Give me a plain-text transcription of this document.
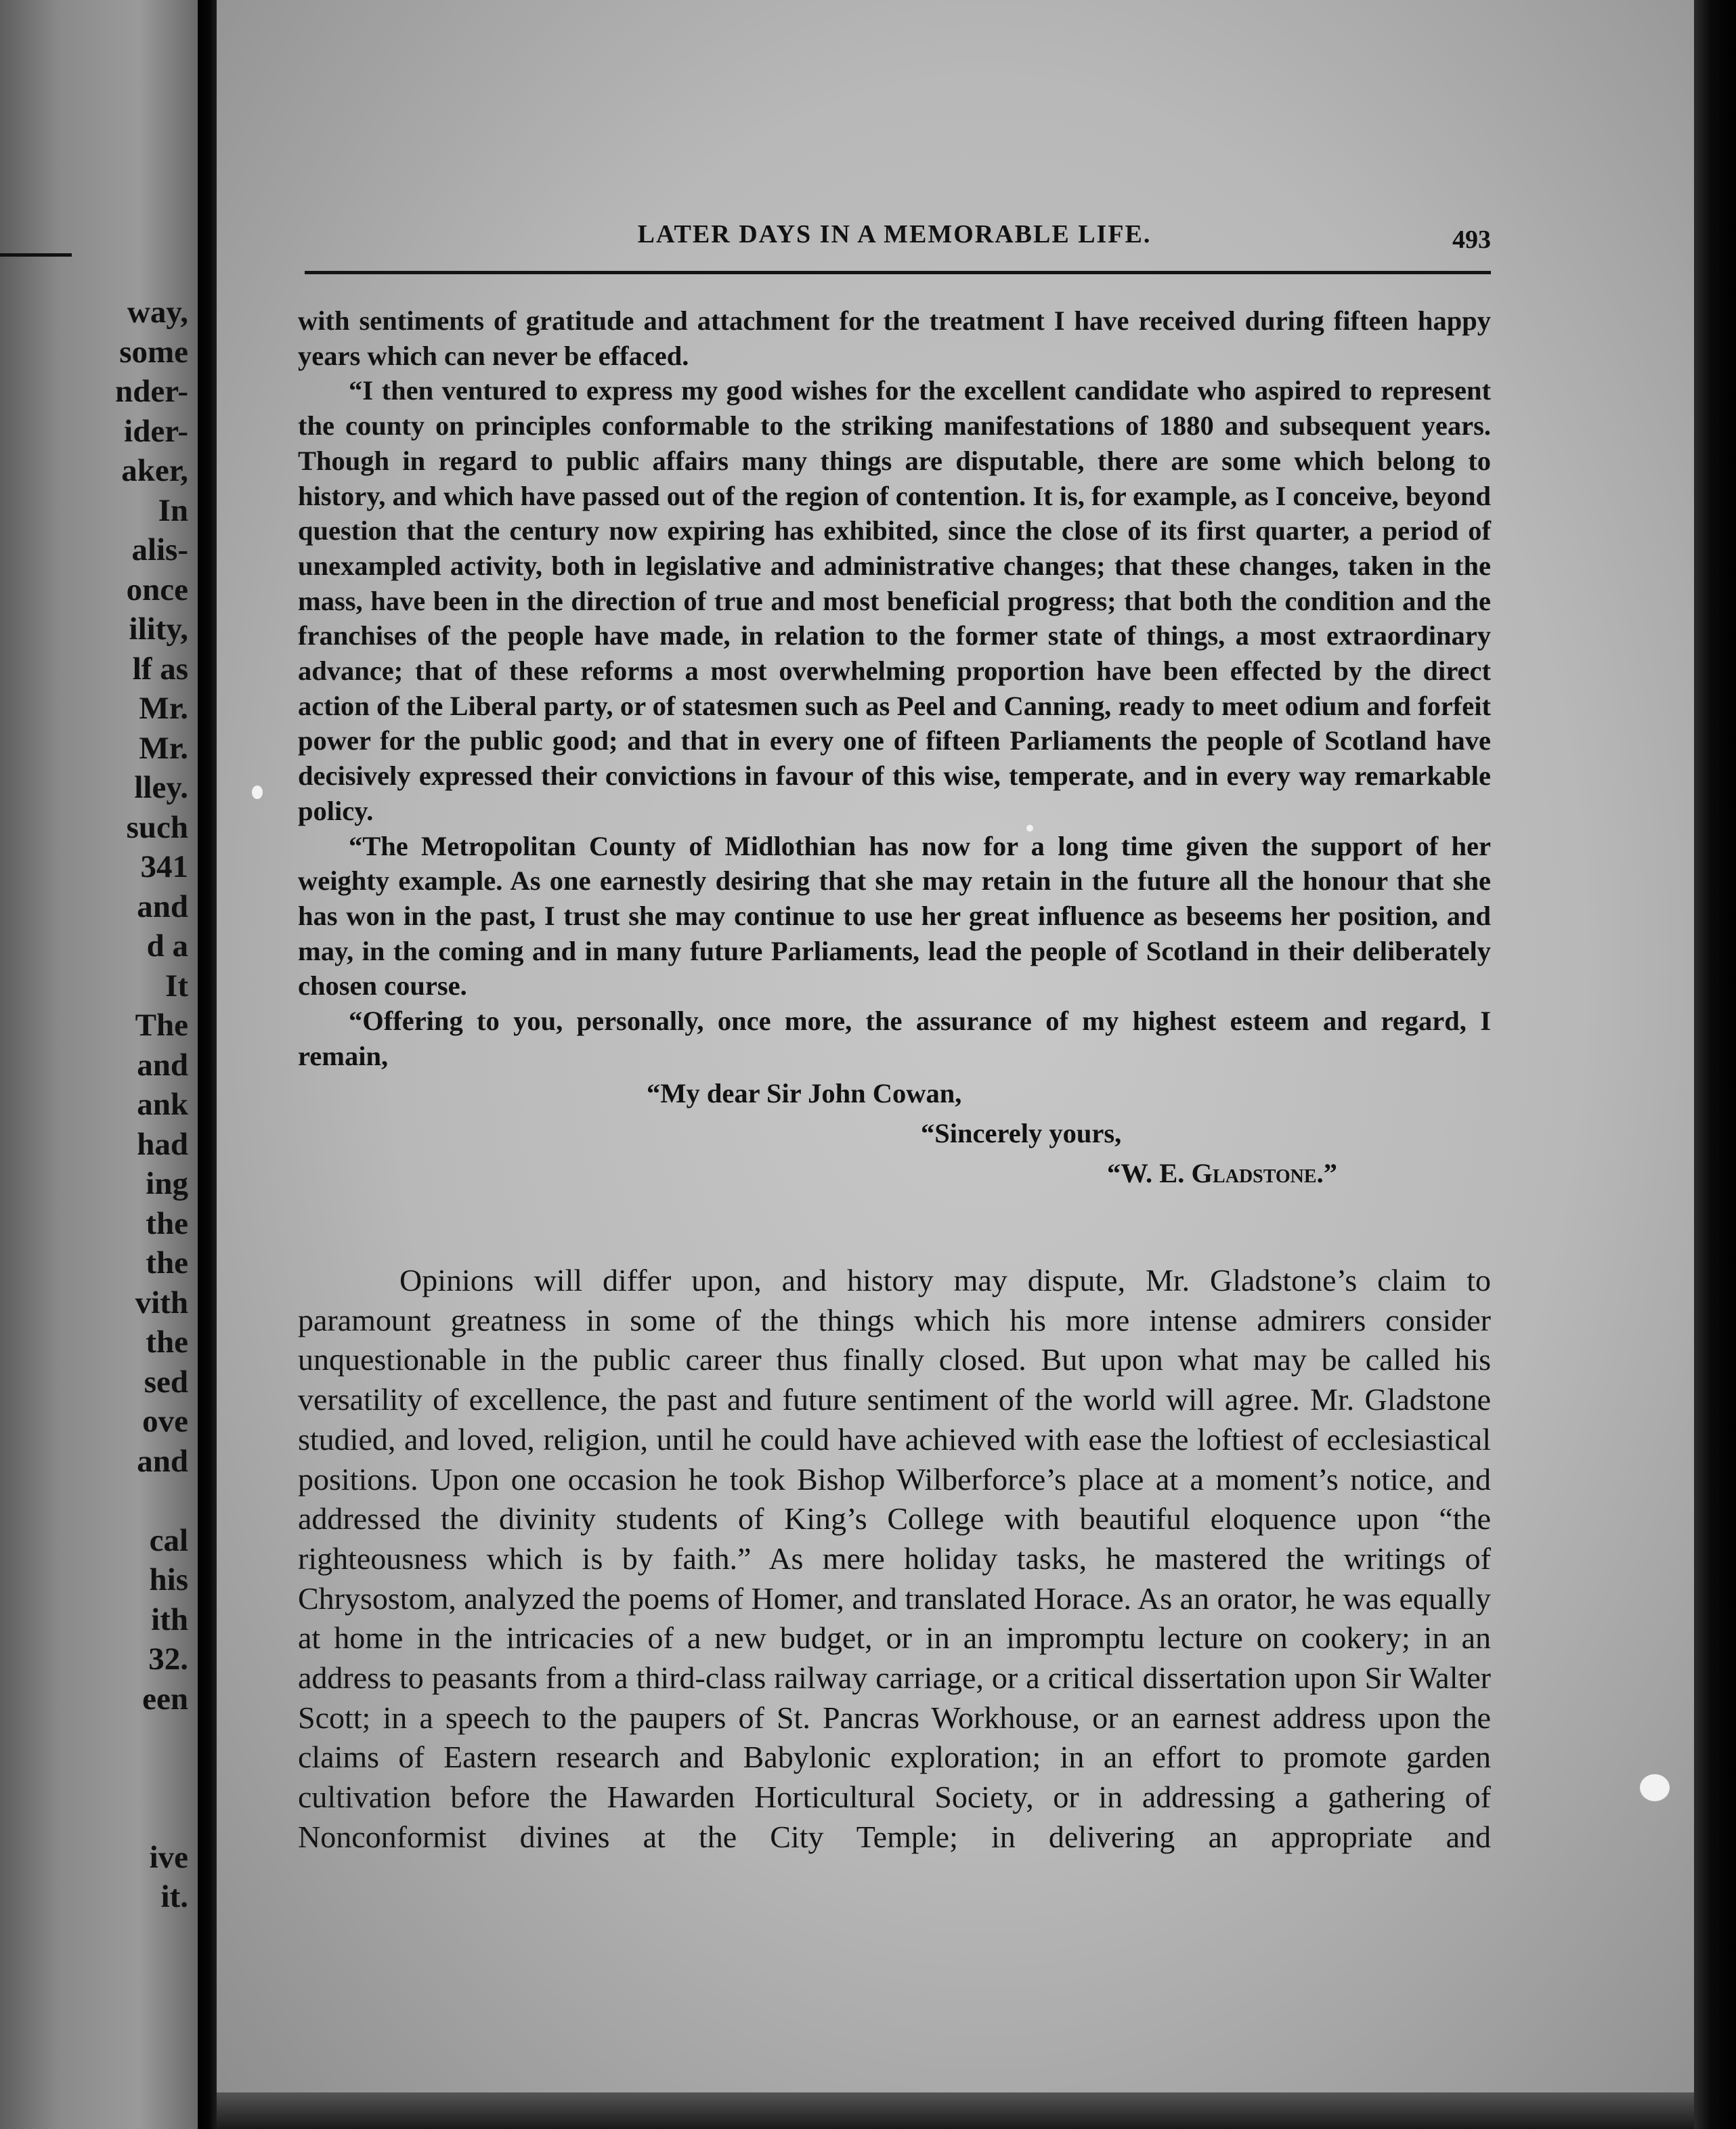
way,
some
nder-
ider-
aker,
In
alis-
once
ility,
lf as
Mr.
Mr.
lley.
such
341
and
d a
It
The
and
ank
had
ing
the
the
vith
the
sed
ove
and
cal
his
ith
32.
een
ive
it.
LATER DAYS IN A MEMORABLE LIFE.	493

with sentiments of gratitude and attachment for the treatment I have received during fifteen happy years which can never be effaced.

“I then ventured to express my good wishes for the excellent candidate who aspired to represent the county on principles conformable to the striking manifestations of 1880 and subsequent years. Though in regard to public affairs many things are disputable, there are some which belong to history, and which have passed out of the region of contention. It is, for example, as I conceive, beyond question that the century now expiring has exhibited, since the close of its first quarter, a period of unexampled activity, both in legislative and administrative changes; that these changes, taken in the mass, have been in the direction of true and most beneficial progress; that both the condition and the franchises of the people have made, in relation to the former state of things, a most extraordinary advance; that of these reforms a most overwhelming proportion have been effected by the direct action of the Liberal party, or of statesmen such as Peel and Canning, ready to meet odium and forfeit power for the public good; and that in every one of fifteen Parliaments the people of Scotland have decisively expressed their convictions in favour of this wise, temperate, and in every way remarkable policy.

“The Metropolitan County of Midlothian has now for a long time given the support of her weighty example. As one earnestly desiring that she may retain in the future all the honour that she has won in the past, I trust she may continue to use her great influence as beseems her position, and may, in the coming and in many future Parliaments, lead the people of Scotland in their deliberately chosen course.

“Offering to you, personally, once more, the assurance of my highest esteem and regard, I remain,

“My dear Sir John Cowan,
“Sincerely yours,
“W. E. Gladstone.”

Opinions will differ upon, and history may dispute, Mr. Gladstone’s claim to paramount greatness in some of the things which his more intense admirers consider unquestionable in the public career thus finally closed. But upon what may be called his versatility of excellence, the past and future sentiment of the world will agree. Mr. Gladstone studied, and loved, religion, until he could have achieved with ease the loftiest of ecclesiastical positions. Upon one occasion he took Bishop Wilberforce’s place at a moment’s notice, and addressed the divinity students of King’s College with beautiful eloquence upon “the righteousness which is by faith.” As mere holiday tasks, he mastered the writings of Chrysostom, analyzed the poems of Homer, and translated Horace. As an orator, he was equally at home in the intricacies of a new budget, or in an impromptu lecture on cookery; in an address to peasants from a third-class railway carriage, or a critical dissertation upon Sir Walter Scott; in a speech to the paupers of St. Pancras Workhouse, or an earnest address upon the claims of Eastern research and Babylonic exploration; in an effort to promote garden cultivation before the Hawarden Horticultural Society, or in addressing a gathering of Nonconformist divines at the City Temple; in delivering an appropriate and
